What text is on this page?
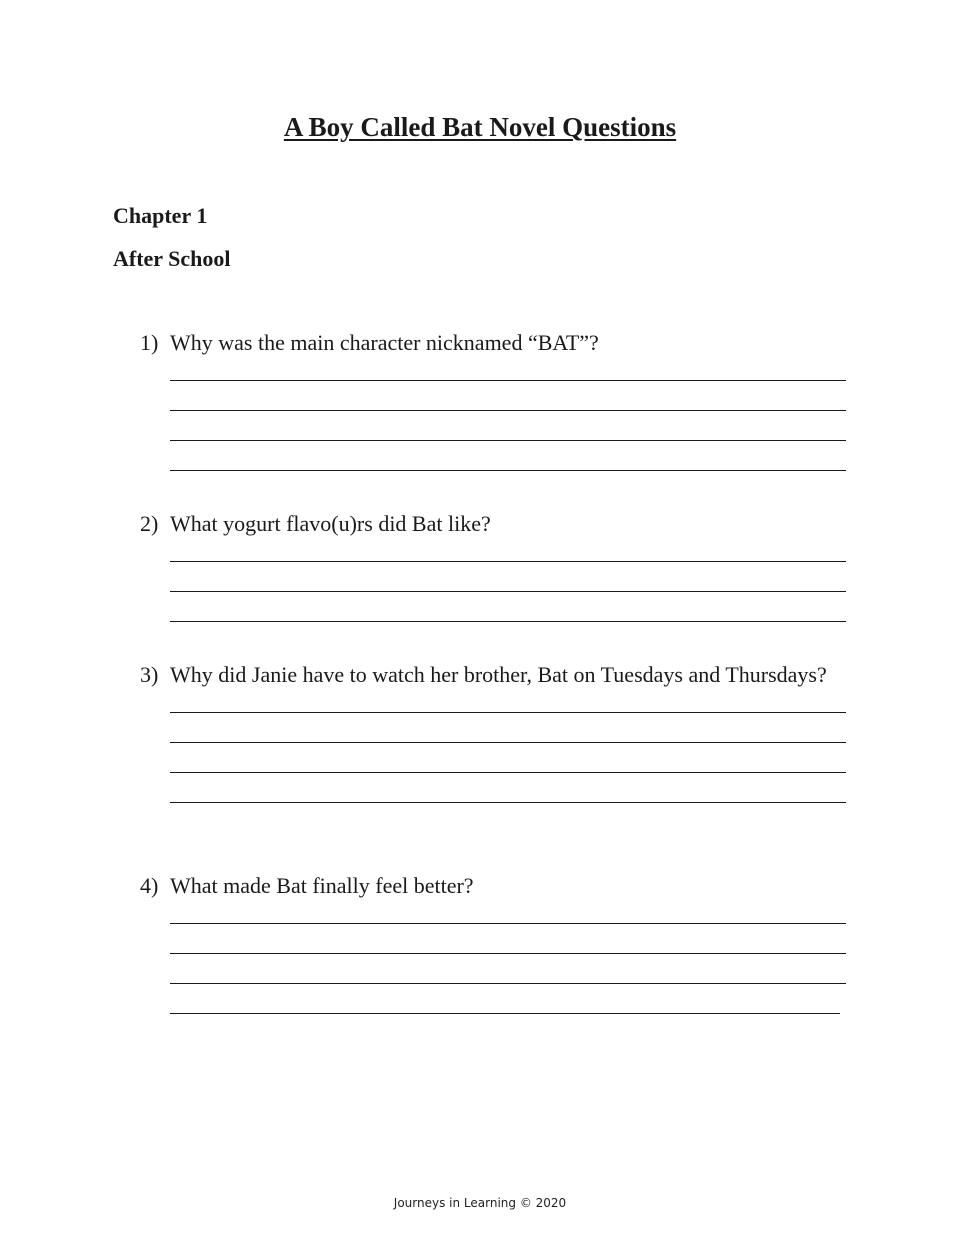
A Boy Called Bat Novel Questions
Chapter 1
After School
1) Why was the main character nicknamed “BAT”?
2) What yogurt flavo(u)rs did Bat like?
3) Why did Janie have to watch her brother, Bat on Tuesdays and Thursdays?
4) What made Bat finally feel better?
Journeys in Learning © 2020
